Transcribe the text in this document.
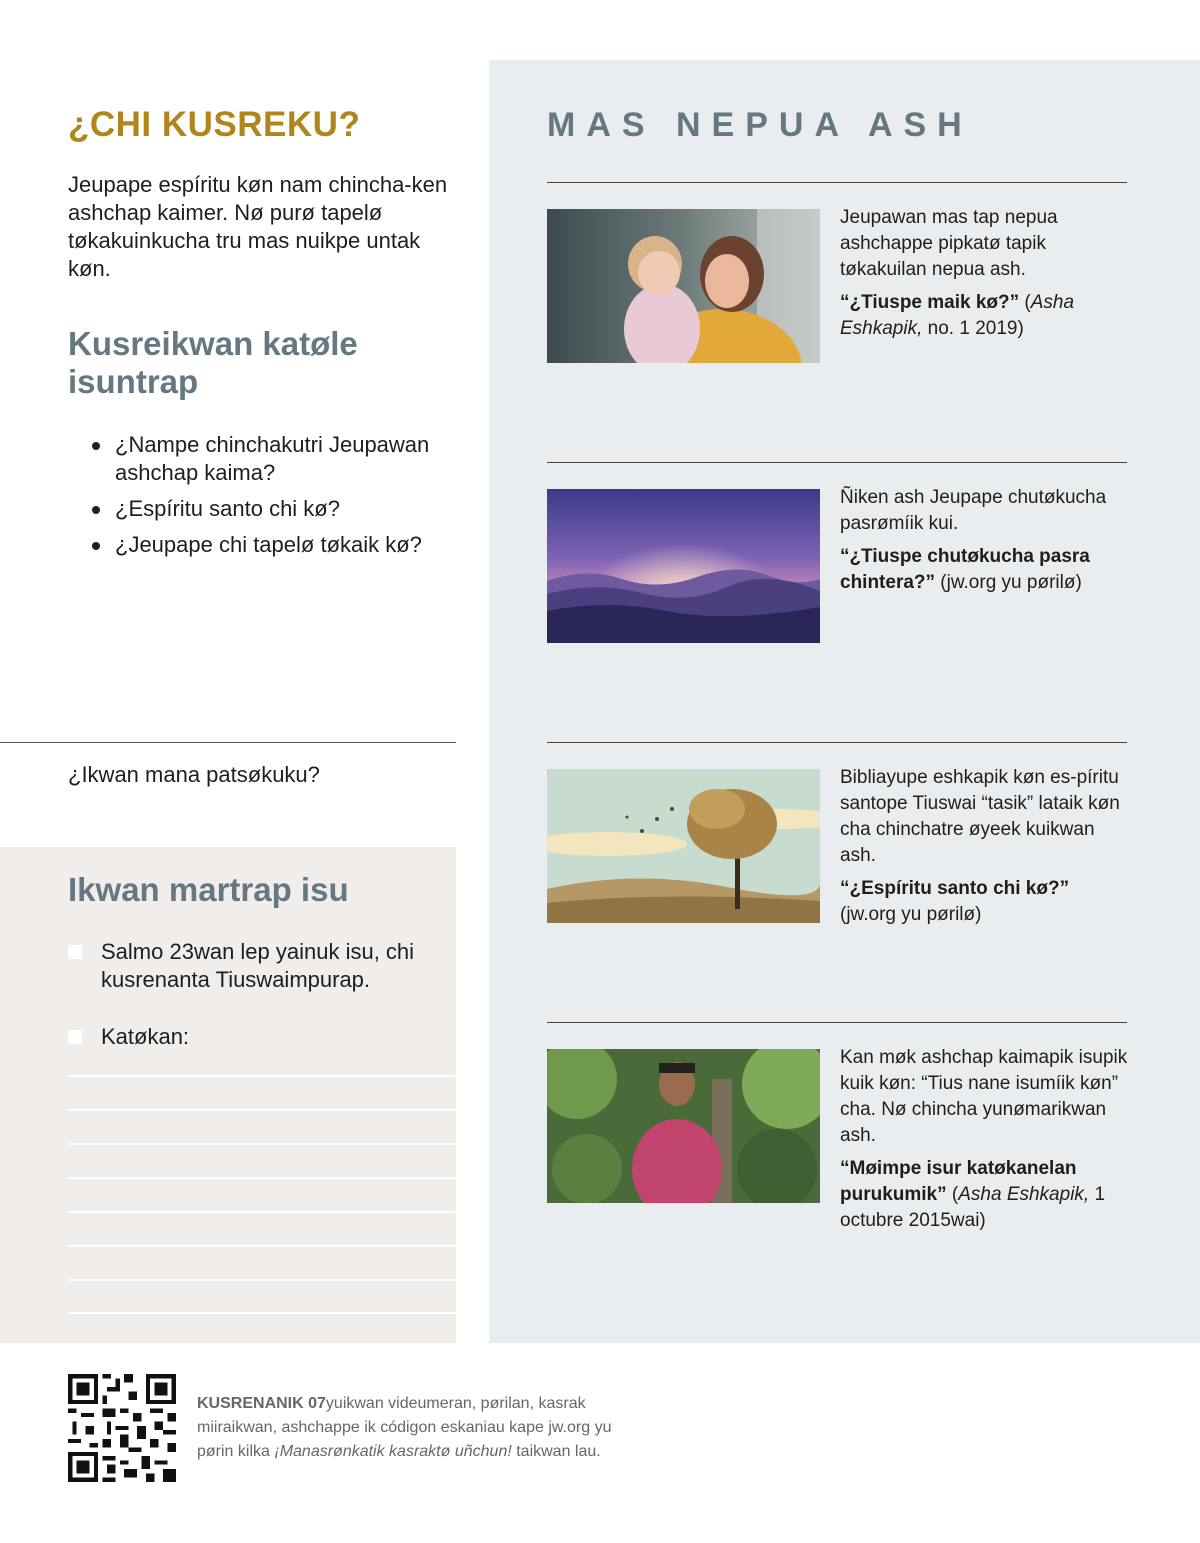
¿CHI KUSREKU?
Jeupape espíritu køn nam chincha-ken ashchap kaimer. Nø purø tapelø tøkakuinkucha tru mas nuikpe untak køn.
Kusreikwan katøle isuntrap
¿Nampe chinchakutri Jeupawan ashchap kaima?
¿Espíritu santo chi kø?
¿Jeupape chi tapelø tøkaik kø?
¿Ikwan mana patsøkuku?
Ikwan martrap isu
Salmo 23wan lep yainuk isu, chi kusrenanta Tiuswaimpurap.
Katøkan:
MAS NEPUA ASH
Jeupawan mas tap nepua ashchappe pipkatø tapik tøkakuilan nepua ash.
“¿Tiuspe maik kø?” (Asha Eshkapik, no. 1 2019)
Ñiken ash Jeupape chutøkucha pasrømíik kui.
“¿Tiuspe chutøkucha pasra chintera?” (jw.org yu pørilø)
Bibliayupe eshkapik køn es-píritu santope Tiuswai “tasik” lataik køn cha chinchatre øyeek kuikwan ash.
“¿Espíritu santo chi kø?” (jw.org yu pørilø)
Kan møk ashchap kaimapik isupik kuik køn: “Tius nane isumíik køn” cha. Nø chincha yunømarikwan ash.
“Møimpe isur katøkanelan purukumik” (Asha Eshkapik, 1 octubre 2015wai)
KUSRENANIK 07yuikwan videumeran, pørilan, kasrak miiraikwan, ashchappe ik códigon eskaniau kape jw.org yu pørin kilka ¡Manasrønkatik kasraktø uñchun! taikwan lau.
